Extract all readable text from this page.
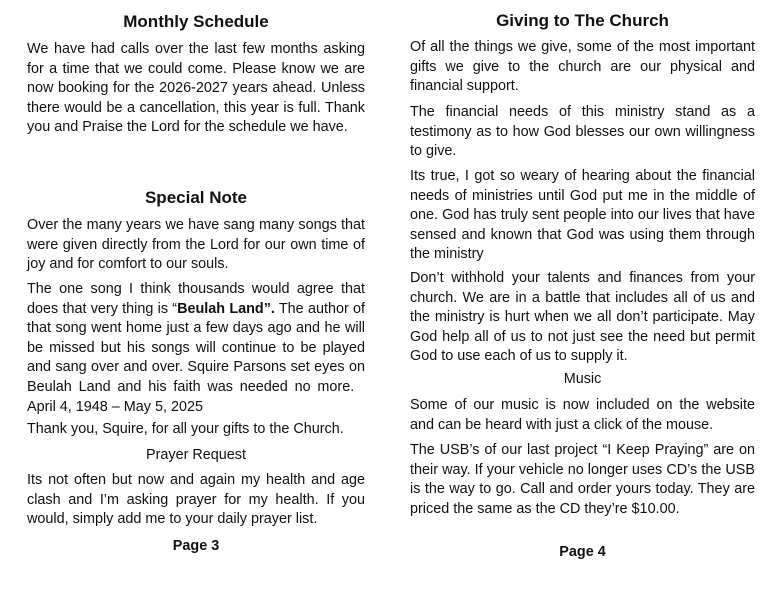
Monthly Schedule

We have had calls over the last few months asking for a time that we could come. Please know we are now booking for the 2026-2027 years ahead. Unless there would be a cancellation, this year is full. Thank you and Praise the Lord for the schedule we have.

Special Note

Over the many years we have sang many songs that were given directly from the Lord for our own time of joy and for comfort to our souls.

The one song I think thousands would agree that does that very thing is “Beulah Land”. The author of that song went home just a few days ago and he will be missed but his songs will continue to be played and sang over and over. Squire Parsons set eyes on Beulah Land and his faith was needed no more.   April 4, 1948 – May 5, 2025

Thank you, Squire, for all your gifts to the Church.

Prayer Request

Its not often but now and again my health and age clash and I’m asking prayer for my health. If you would, simply add me to your daily prayer list.

Page 3

Giving to The Church

Of all the things we give, some of the most important gifts we give to the church are our physical and financial support.

The financial needs of this ministry stand as a testimony as to how God blesses our own willingness to give.

Its true, I got so weary of hearing about the financial needs of ministries until God put me in the middle of one. God has truly sent people into our lives that have sensed and known that God was using them through the ministry

Don’t withhold your talents and finances from your church. We are in a battle that includes all of us and the ministry is hurt when we all don’t participate. May God help all of us to not just see the need but permit God to use each of us to supply it.

Music

Some of our music is now included on the website and can be heard with just a click of the mouse.

The USB’s of our last project “I Keep Praying” are on their way. If your vehicle no longer uses CD’s the USB is the way to go. Call and order yours today. They are priced the same as the CD they’re $10.00.

Page 4
